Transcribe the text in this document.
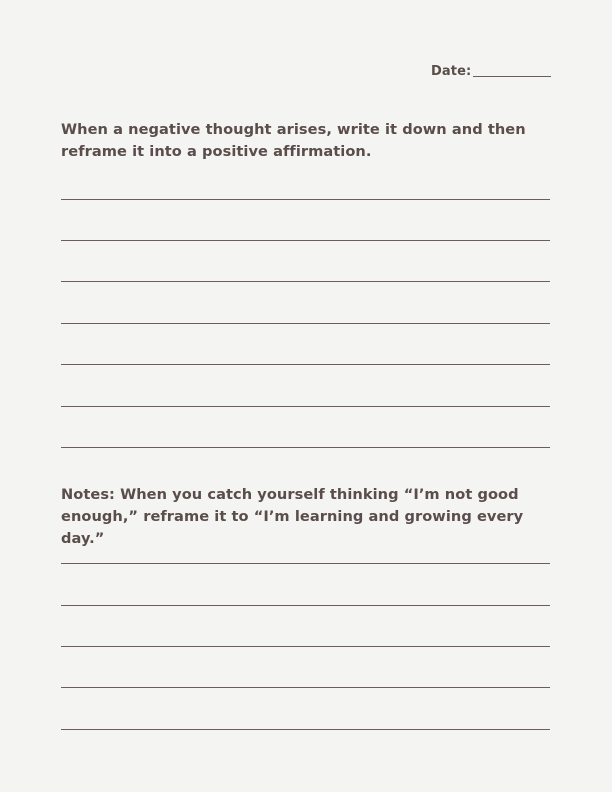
Date:

When a negative thought arises, write it down and then reframe it into a positive affirmation.

Notes: When you catch yourself thinking “I’m not good enough,” reframe it to “I’m learning and growing every day.”
